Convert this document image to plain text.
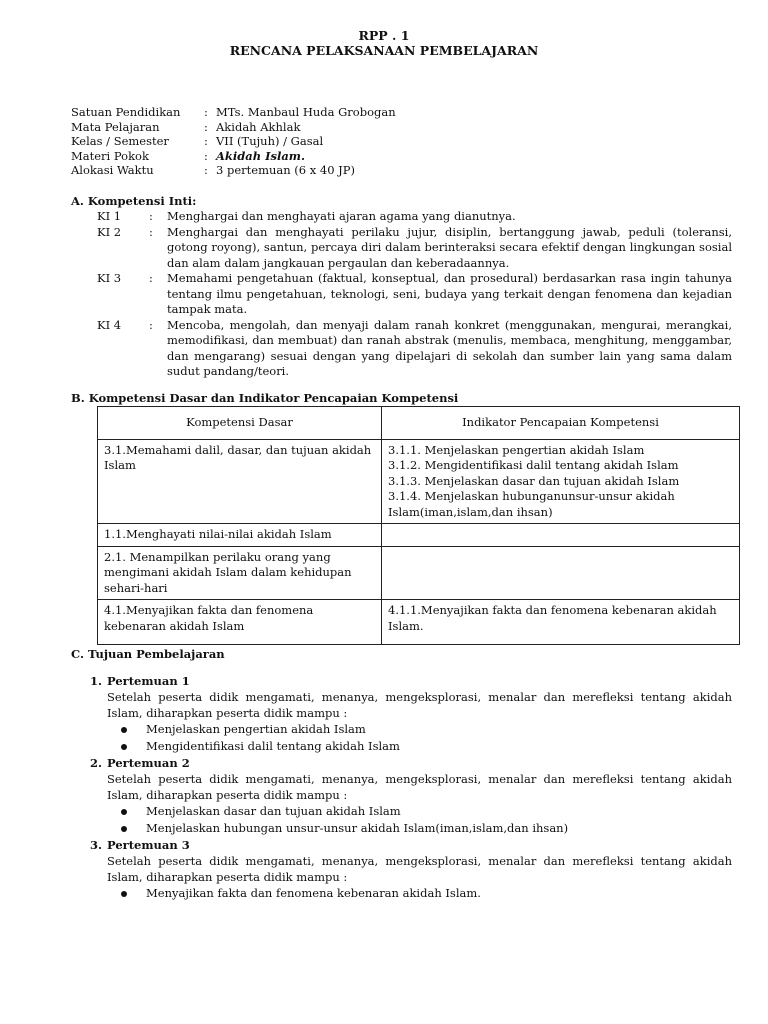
RPP . 1
RENCANA PELAKSANAAN PEMBELAJARAN
Satuan Pendidikan	: MTs. Manbaul Huda Grobogan
Mata Pelajaran	: Akidah Akhlak
Kelas / Semester	: VII (Tujuh) / Gasal
Materi Pokok	: Akidah Islam.
Alokasi Waktu	: 3 pertemuan (6 x 40 JP)
A. Kompetensi Inti:
KI 1	:	Menghargai dan menghayati ajaran agama yang dianutnya.
KI 2	:	Menghargai dan menghayati perilaku jujur, disiplin, bertanggung jawab, peduli (toleransi, gotong royong), santun, percaya diri dalam berinteraksi secara efektif dengan lingkungan sosial dan alam dalam jangkauan pergaulan dan keberadaannya.
KI 3	:	Memahami pengetahuan (faktual, konseptual, dan prosedural) berdasarkan rasa ingin tahunya tentang ilmu pengetahuan, teknologi, seni, budaya yang terkait dengan fenomena dan kejadian tampak mata.
KI 4	:	Mencoba, mengolah, dan menyaji dalam ranah konkret (menggunakan, mengurai, merangkai, memodifikasi, dan membuat) dan ranah abstrak (menulis, membaca, menghitung, menggambar, dan mengarang) sesuai dengan yang dipelajari di sekolah dan sumber lain yang sama dalam sudut pandang/teori.
B. Kompetensi Dasar dan Indikator Pencapaian Kompetensi
Kompetensi Dasar	Indikator Pencapaian Kompetensi
3.1.Memahami dalil, dasar, dan tujuan akidah Islam	3.1.1. Menjelaskan pengertian akidah Islam
3.1.2. Mengidentifikasi dalil tentang akidah Islam
3.1.3. Menjelaskan dasar dan tujuan akidah Islam
3.1.4. Menjelaskan hubunganunsur-unsur akidah Islam(iman,islam,dan ihsan)

1.1.Menghayati nilai-nilai akidah Islam	
2.1. Menampilkan perilaku orang yang mengimani akidah Islam dalam kehidupan sehari-hari	
4.1.Menyajikan fakta dan fenomena kebenaran akidah Islam	4.1.1.Menyajikan fakta dan fenomena kebenaran akidah Islam.
C. Tujuan Pembelajaran
1. Pertemuan 1
Setelah peserta didik mengamati, menanya, mengeksplorasi, menalar dan merefleksi tentang akidah Islam, diharapkan peserta didik mampu :
Menjelaskan pengertian akidah Islam
Mengidentifikasi dalil tentang akidah Islam
2. Pertemuan 2
Setelah peserta didik mengamati, menanya, mengeksplorasi, menalar dan merefleksi tentang akidah Islam, diharapkan peserta didik mampu :
Menjelaskan dasar dan tujuan akidah Islam
Menjelaskan hubungan unsur-unsur akidah Islam(iman,islam,dan ihsan)
3. Pertemuan 3
Setelah peserta didik mengamati, menanya, mengeksplorasi, menalar dan merefleksi tentang akidah Islam, diharapkan peserta didik mampu :
Menyajikan fakta dan fenomena kebenaran akidah Islam.
